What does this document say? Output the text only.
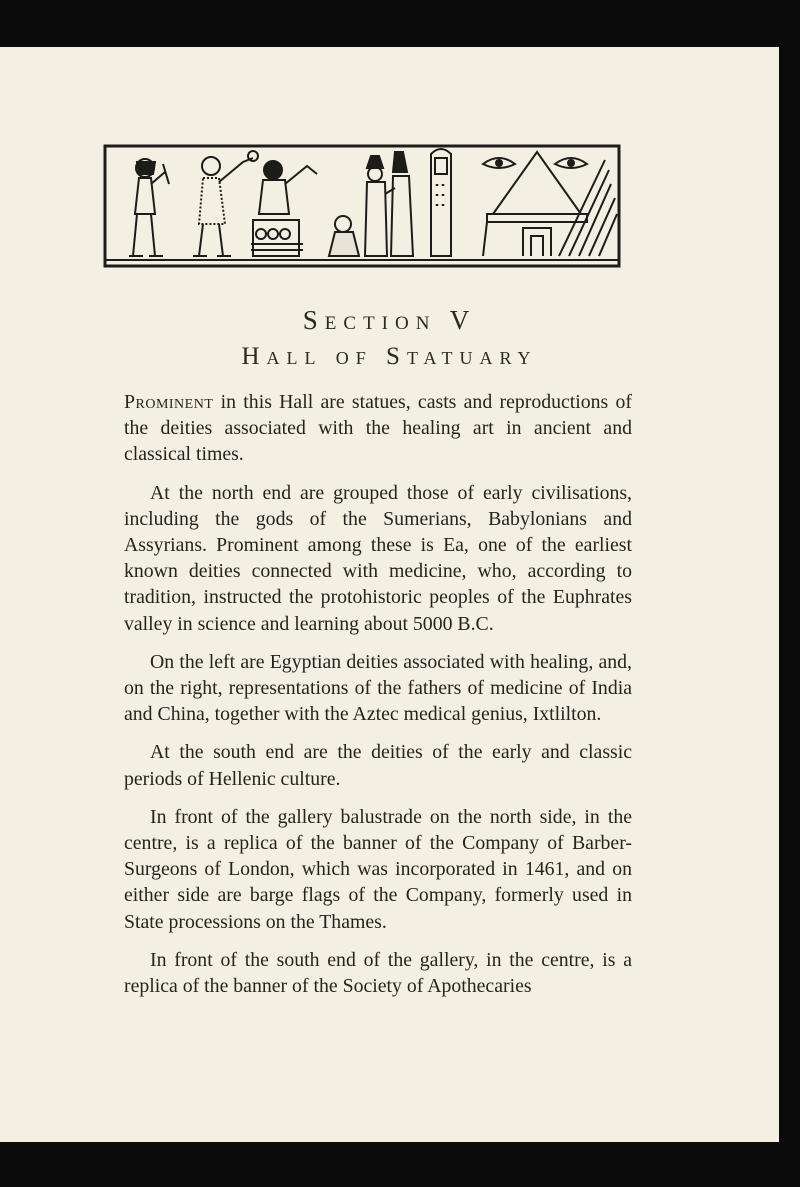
Section V
Hall of Statuary

Prominent in this Hall are statues, casts and reproductions of the deities associated with the healing art in ancient and classical times.

At the north end are grouped those of early civilisations, including the gods of the Sumerians, Babylonians and Assyrians. Prominent among these is Ea, one of the earliest known deities connected with medicine, who, according to tradition, instructed the protohistoric peoples of the Euphrates valley in science and learning about 5000 B.C.

On the left are Egyptian deities associated with healing, and, on the right, representations of the fathers of medicine of India and China, together with the Aztec medical genius, Ixtlilton.

At the south end are the deities of the early and classic periods of Hellenic culture.

In front of the gallery balustrade on the north side, in the centre, is a replica of the banner of the Company of Barber-Surgeons of London, which was incorporated in 1461, and on either side are barge flags of the Company, formerly used in State processions on the Thames.

In front of the south end of the gallery, in the centre, is a replica of the banner of the Society of Apothecaries
